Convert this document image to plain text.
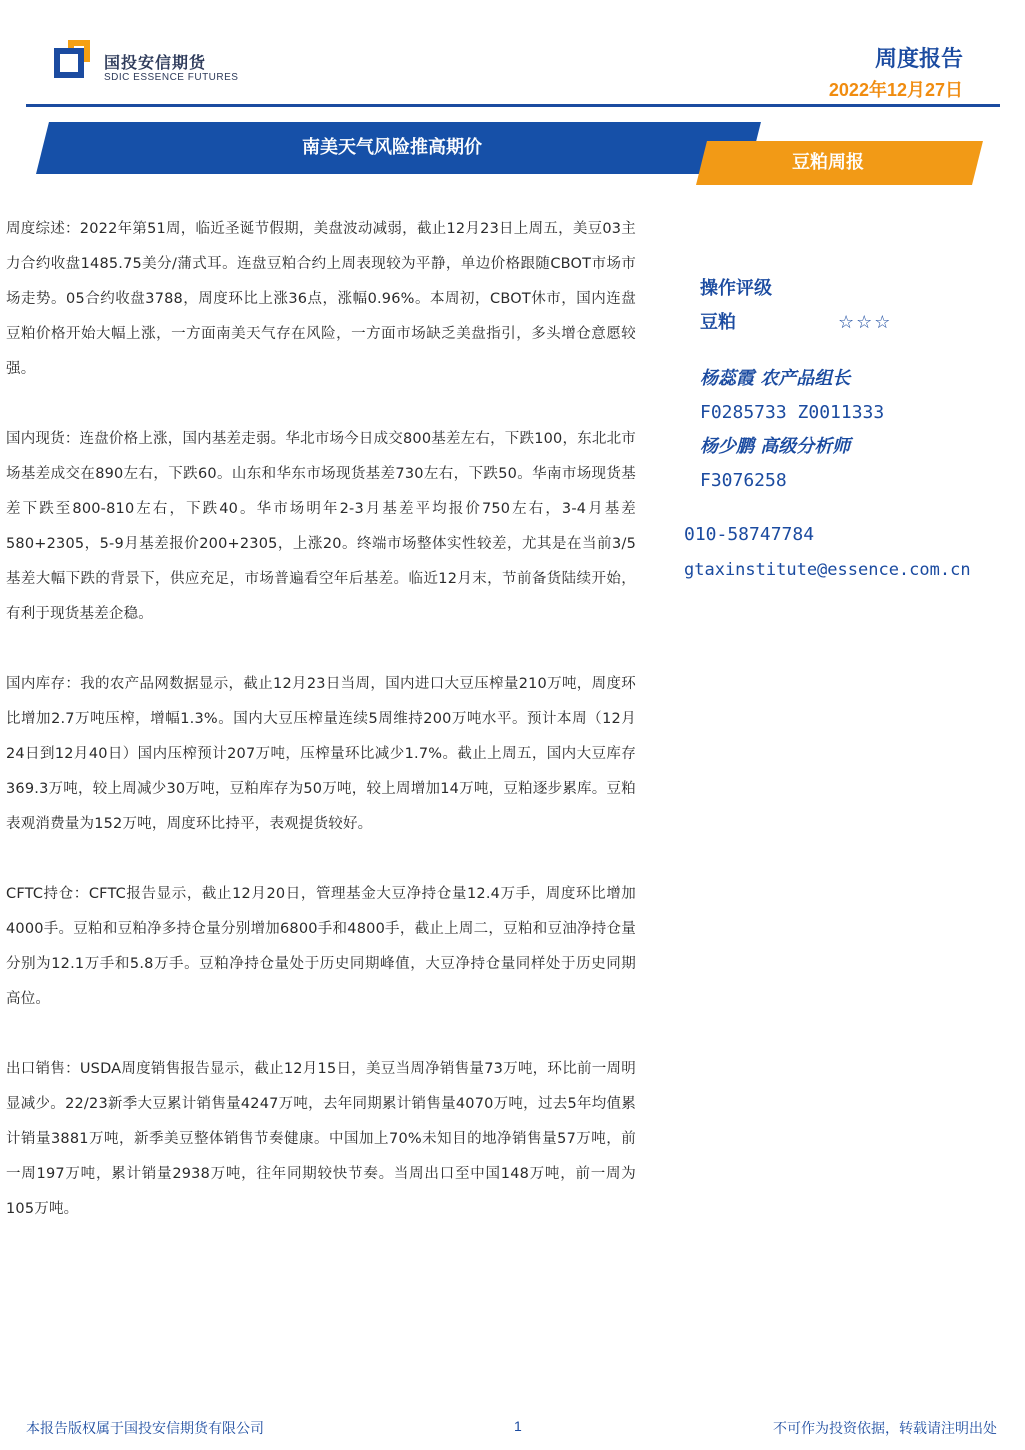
国投安信期货
SDIC ESSENCE FUTURES
周度报告
2022年12月27日
南美天气风险推高期价
豆粕周报

周度综述：2022年第51周，临近圣诞节假期，美盘波动减弱，截止12月23日上周五，美豆03主力合约收盘1485.75美分/蒲式耳。连盘豆粕合约上周表现较为平静，单边价格跟随CBOT市场市场走势。05合约收盘3788，周度环比上涨36点，涨幅0.96%。本周初，CBOT休市，国内连盘豆粕价格开始大幅上涨，一方面南美天气存在风险，一方面市场缺乏美盘指引，多头增仓意愿较强。

国内现货：连盘价格上涨，国内基差走弱。华北市场今日成交800基差左右，下跌100，东北北市场基差成交在890左右，下跌60。山东和华东市场现货基差730左右，下跌50。华南市场现货基差下跌至800-810左右，下跌40。华市场明年2-3月基差平均报价750左右，3-4月基差580+2305，5-9月基差报价200+2305，上涨20。终端市场整体实性较差，尤其是在当前3/5基差大幅下跌的背景下，供应充足，市场普遍看空年后基差。临近12月末，节前备货陆续开始，有利于现货基差企稳。

国内库存：我的农产品网数据显示，截止12月23日当周，国内进口大豆压榨量210万吨，周度环比增加2.7万吨压榨，增幅1.3%。国内大豆压榨量连续5周维持200万吨水平。预计本周（12月24日到12月40日）国内压榨预计207万吨，压榨量环比减少1.7%。截止上周五，国内大豆库存369.3万吨，较上周减少30万吨，豆粕库存为50万吨，较上周增加14万吨，豆粕逐步累库。豆粕表观消费量为152万吨，周度环比持平，表观提货较好。

CFTC持仓：CFTC报告显示，截止12月20日，管理基金大豆净持仓量12.4万手，周度环比增加4000手。豆粕和豆粕净多持仓量分别增加6800手和4800手，截止上周二，豆粕和豆油净持仓量分别为12.1万手和5.8万手。豆粕净持仓量处于历史同期峰值，大豆净持仓量同样处于历史同期高位。

出口销售：USDA周度销售报告显示，截止12月15日，美豆当周净销售量73万吨，环比前一周明显减少。22/23新季大豆累计销售量4247万吨，去年同期累计销售量4070万吨，过去5年均值累计销量3881万吨，新季美豆整体销售节奏健康。中国加上70%未知目的地净销售量57万吨，前一周197万吨，累计销量2938万吨，往年同期较快节奏。当周出口至中国148万吨，前一周为105万吨。

操作评级
豆粕	☆☆☆
杨蕊霞 农产品组长
F0285733 Z0011333
杨少鹏 高级分析师
F3076258
010-58747784
gtaxinstitute@essence.com.cn
本报告版权属于国投安信期货有限公司	1	不可作为投资依据，转载请注明出处
